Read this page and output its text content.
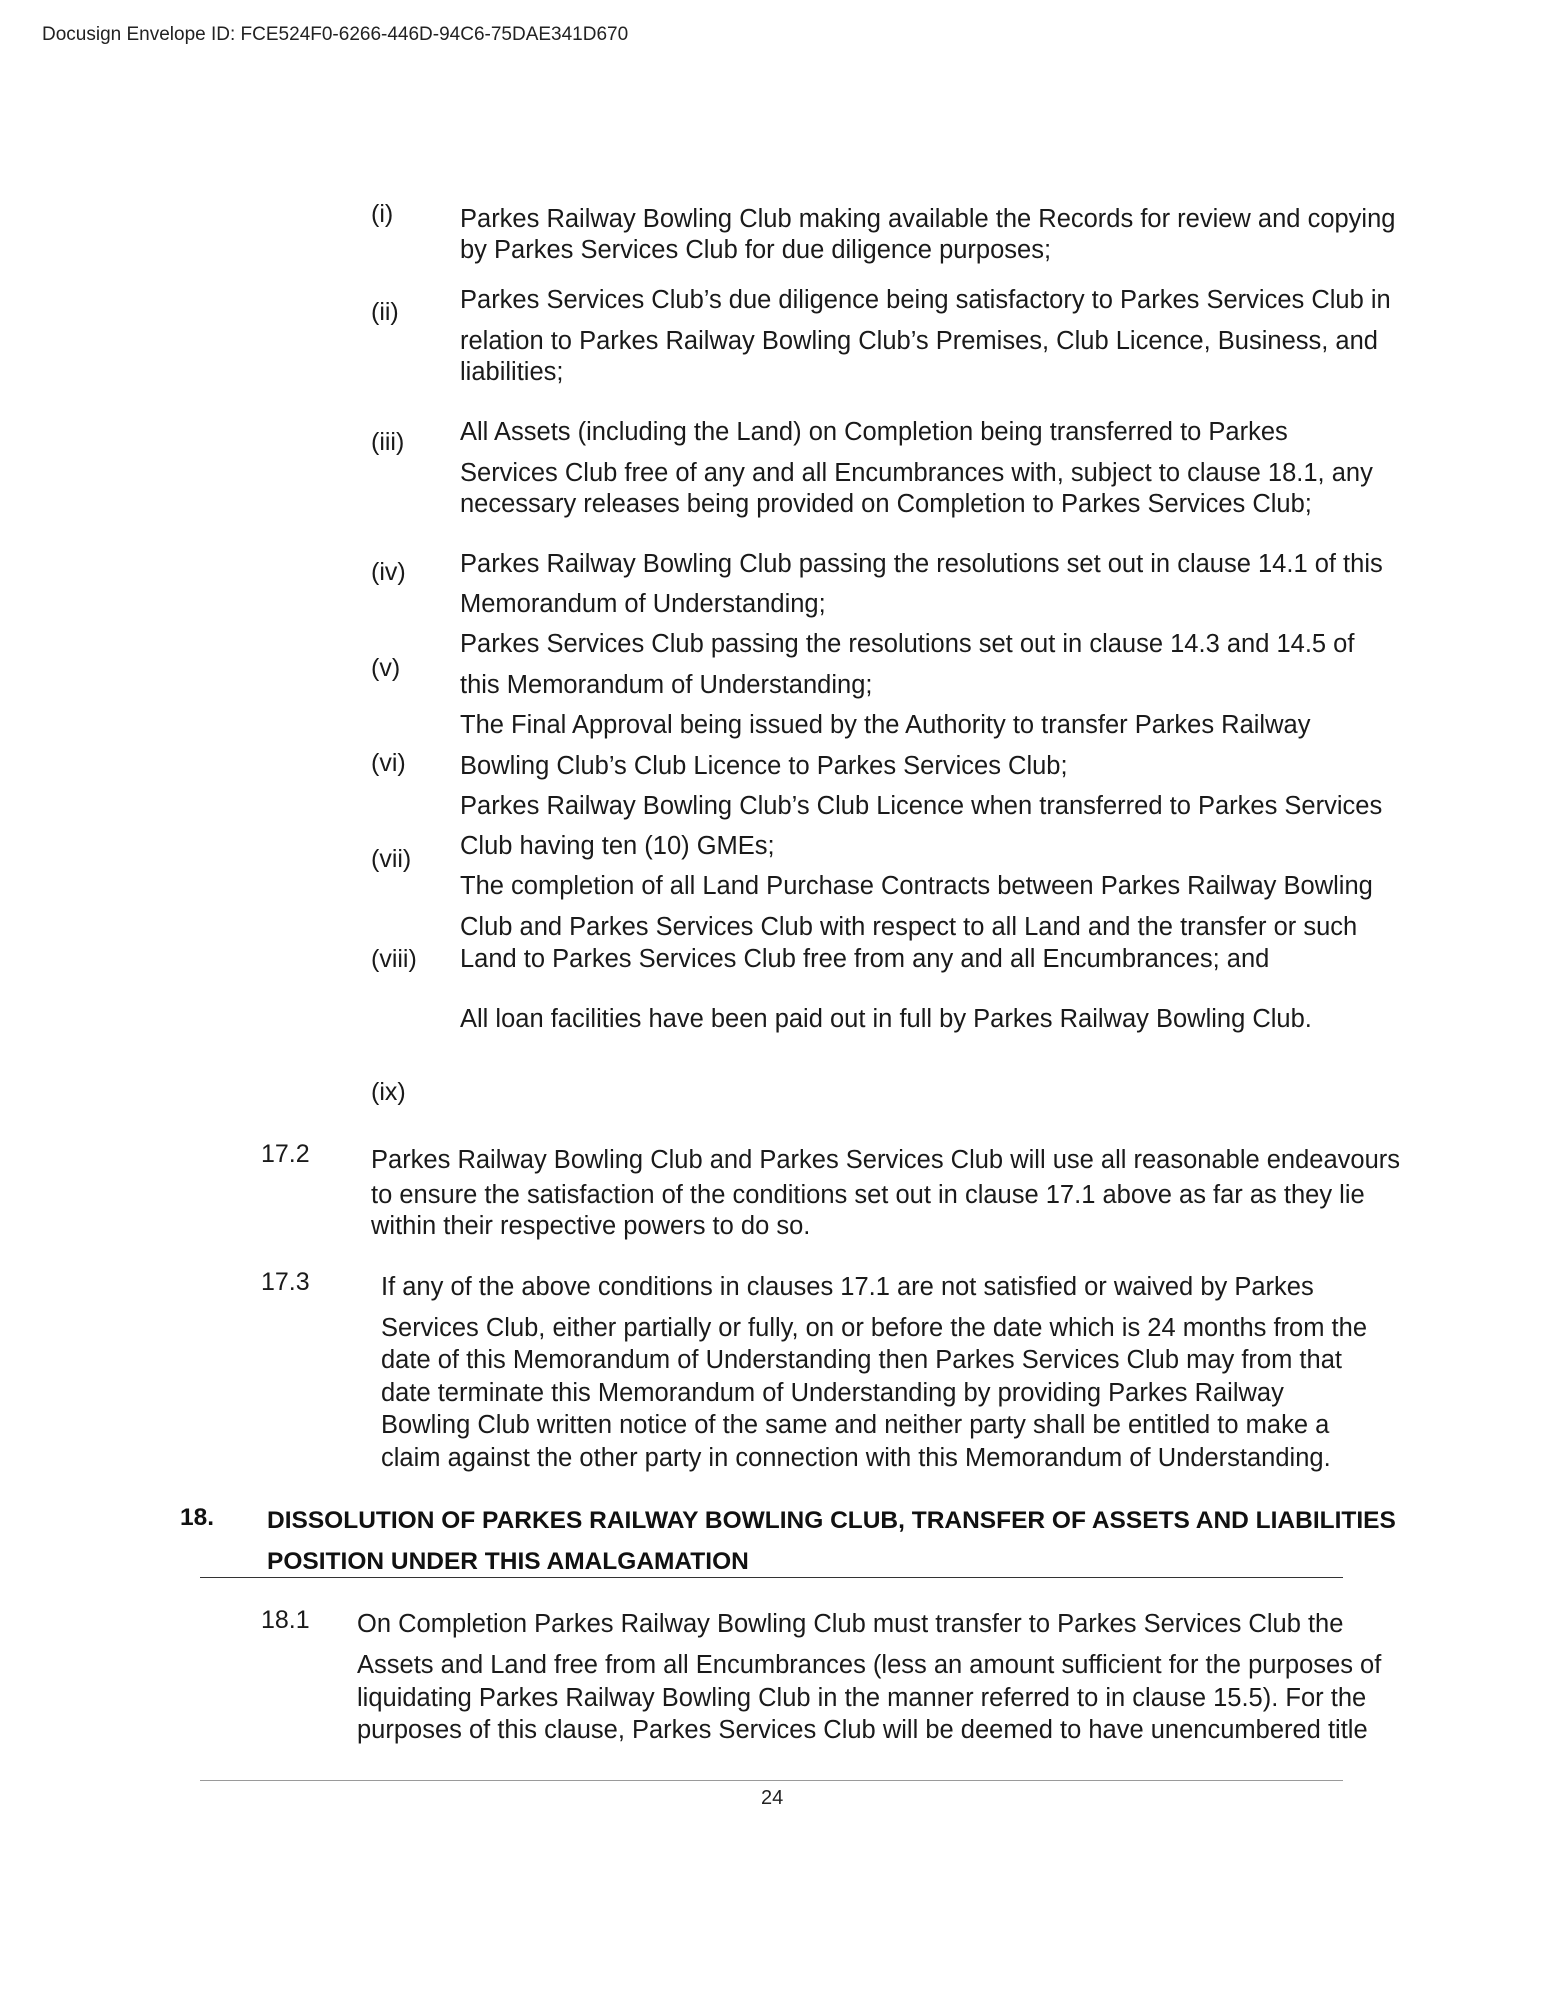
Docusign Envelope ID: FCE524F0-6266-446D-94C6-75DAE341D670
(i)	Parkes Railway Bowling Club making available the Records for review and copying
by Parkes Services Club for due diligence purposes;
(ii) Parkes Services Club’s due diligence being satisfactory to Parkes Services Club in
relation to Parkes Railway Bowling Club’s Premises, Club Licence, Business, and
liabilities;
(iii) All Assets (including the Land) on Completion being transferred to Parkes
Services Club free of any and all Encumbrances with, subject to clause 18.1, any
necessary releases being provided on Completion to Parkes Services Club;
(iv) Parkes Railway Bowling Club passing the resolutions set out in clause 14.1 of this
Memorandum of Understanding;
(v)
Parkes Services Club passing the resolutions set out in clause 14.3 and 14.5 of
this Memorandum of Understanding;
(vi)
The Final Approval being issued by the Authority to transfer Parkes Railway
Bowling Club’s Club Licence to Parkes Services Club;
(vii)
Parkes Railway Bowling Club’s Club Licence when transferred to Parkes Services
Club having ten (10) GMEs;
(viii)
The completion of all Land Purchase Contracts between Parkes Railway Bowling
Club and Parkes Services Club with respect to all Land and the transfer or such
Land to Parkes Services Club free from any and all Encumbrances; and
(ix)
All loan facilities have been paid out in full by Parkes Railway Bowling Club.
17.2 Parkes Railway Bowling Club and Parkes Services Club will use all reasonable endeavours
to ensure the satisfaction of the conditions set out in clause 17.1 above as far as they lie
within their respective powers to do so.
17.3	If any of the above conditions in clauses 17.1 are not satisfied or waived by Parkes
Services Club, either partially or fully, on or before the date which is 24 months from the
date of this Memorandum of Understanding then Parkes Services Club may from that
date terminate this Memorandum of Understanding by providing Parkes Railway
Bowling Club written notice of the same and neither party shall be entitled to make a
claim against the other party in connection with this Memorandum of Understanding.
18. DISSOLUTION OF PARKES RAILWAY BOWLING CLUB, TRANSFER OF ASSETS AND LIABILITIES
POSITION UNDER THIS AMALGAMATION
18.1 On Completion Parkes Railway Bowling Club must transfer to Parkes Services Club the
Assets and Land free from all Encumbrances (less an amount sufficient for the purposes of
liquidating Parkes Railway Bowling Club in the manner referred to in clause 15.5). For the
purposes of this clause, Parkes Services Club will be deemed to have unencumbered title
24
